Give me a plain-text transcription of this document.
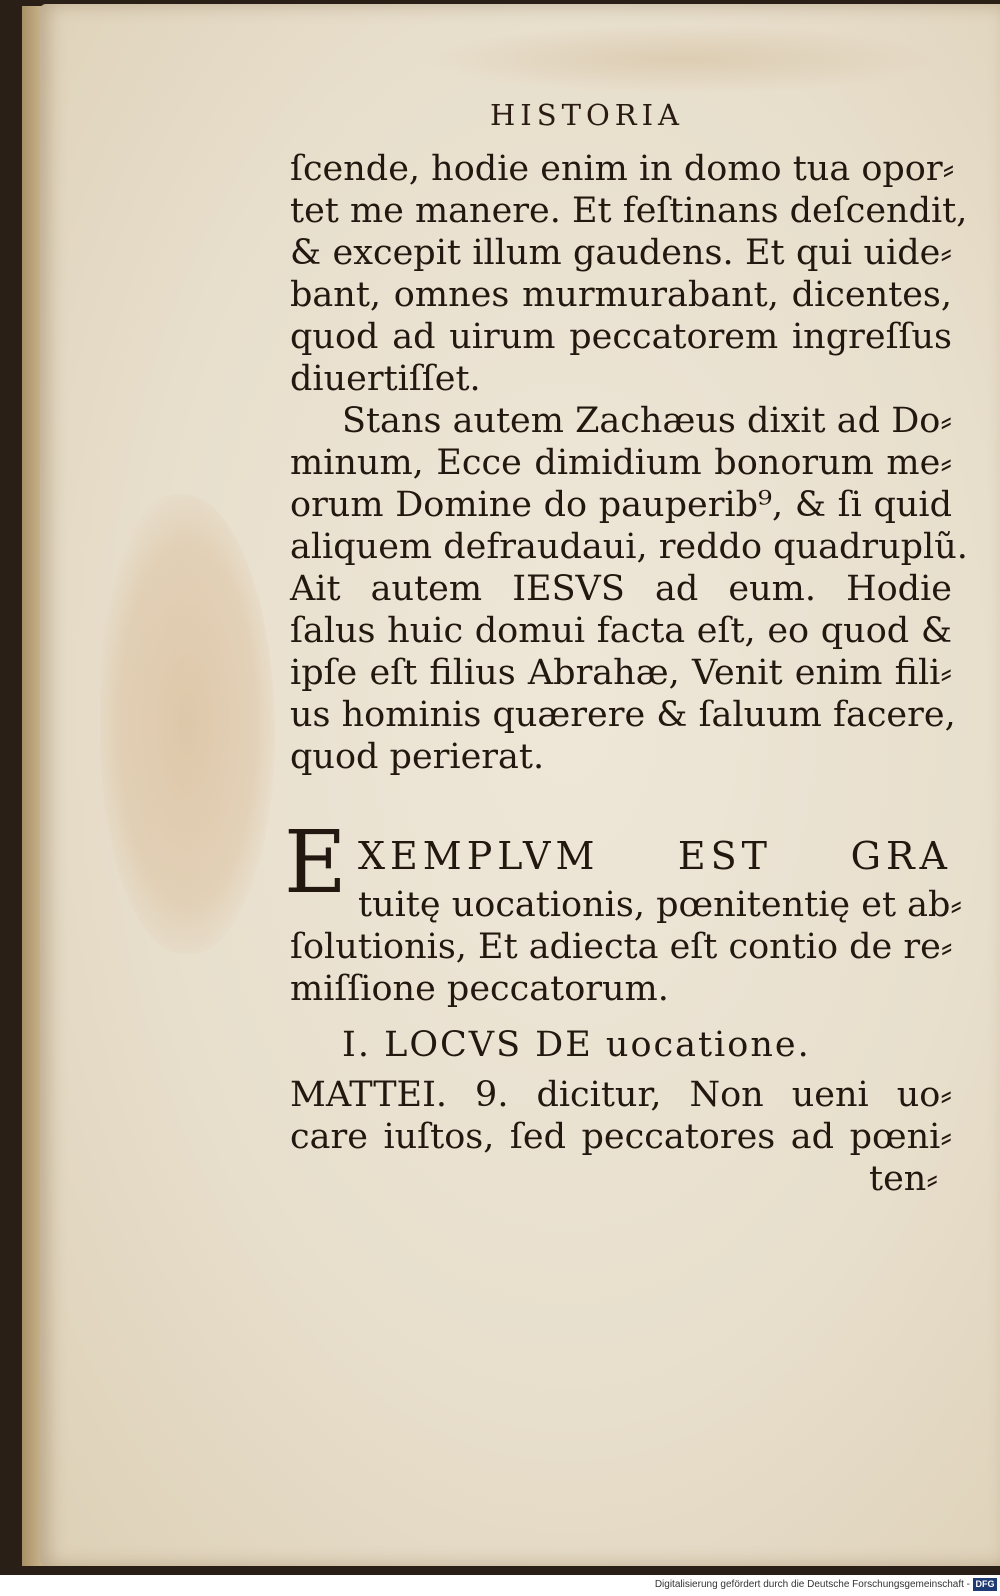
HISTORIA
ſcende, hodie enim in domo tua opor⸗
tet me manere. Et feſtinans deſcendit,
& excepit illum gaudens. Et qui uide⸗
bant, omnes murmurabant, dicentes,
quod ad uirum peccatorem ingreſſus
diuertiſſet.
Stans autem Zachæus dixit ad Do⸗
minum, Ecce dimidium bonorum me⸗
orum Domine do pauperib⁹, & ſi quid
aliquem defraudaui, reddo quadruplũ.
Ait autem IESVS ad eum. Hodie
ſalus huic domui facta eſt, eo quod &
ipſe eſt filius Abrahæ, Venit enim fili⸗
us hominis quærere & ſaluum facere,
quod perierat.
E XEMPLVM EST GRA
tuitę uocationis, pœnitentię et ab⸗
ſolutionis, Et adiecta eſt contio de re⸗
miſſione peccatorum.
I. LOCVS DE uocatione.
MATTEI. 9. dicitur, Non ueni uo⸗
care iuſtos, ſed peccatores ad pœni⸗
ten⸗
Digitalisierung gefördert durch die Deutsche Forschungsgemeinschaft - DFG
